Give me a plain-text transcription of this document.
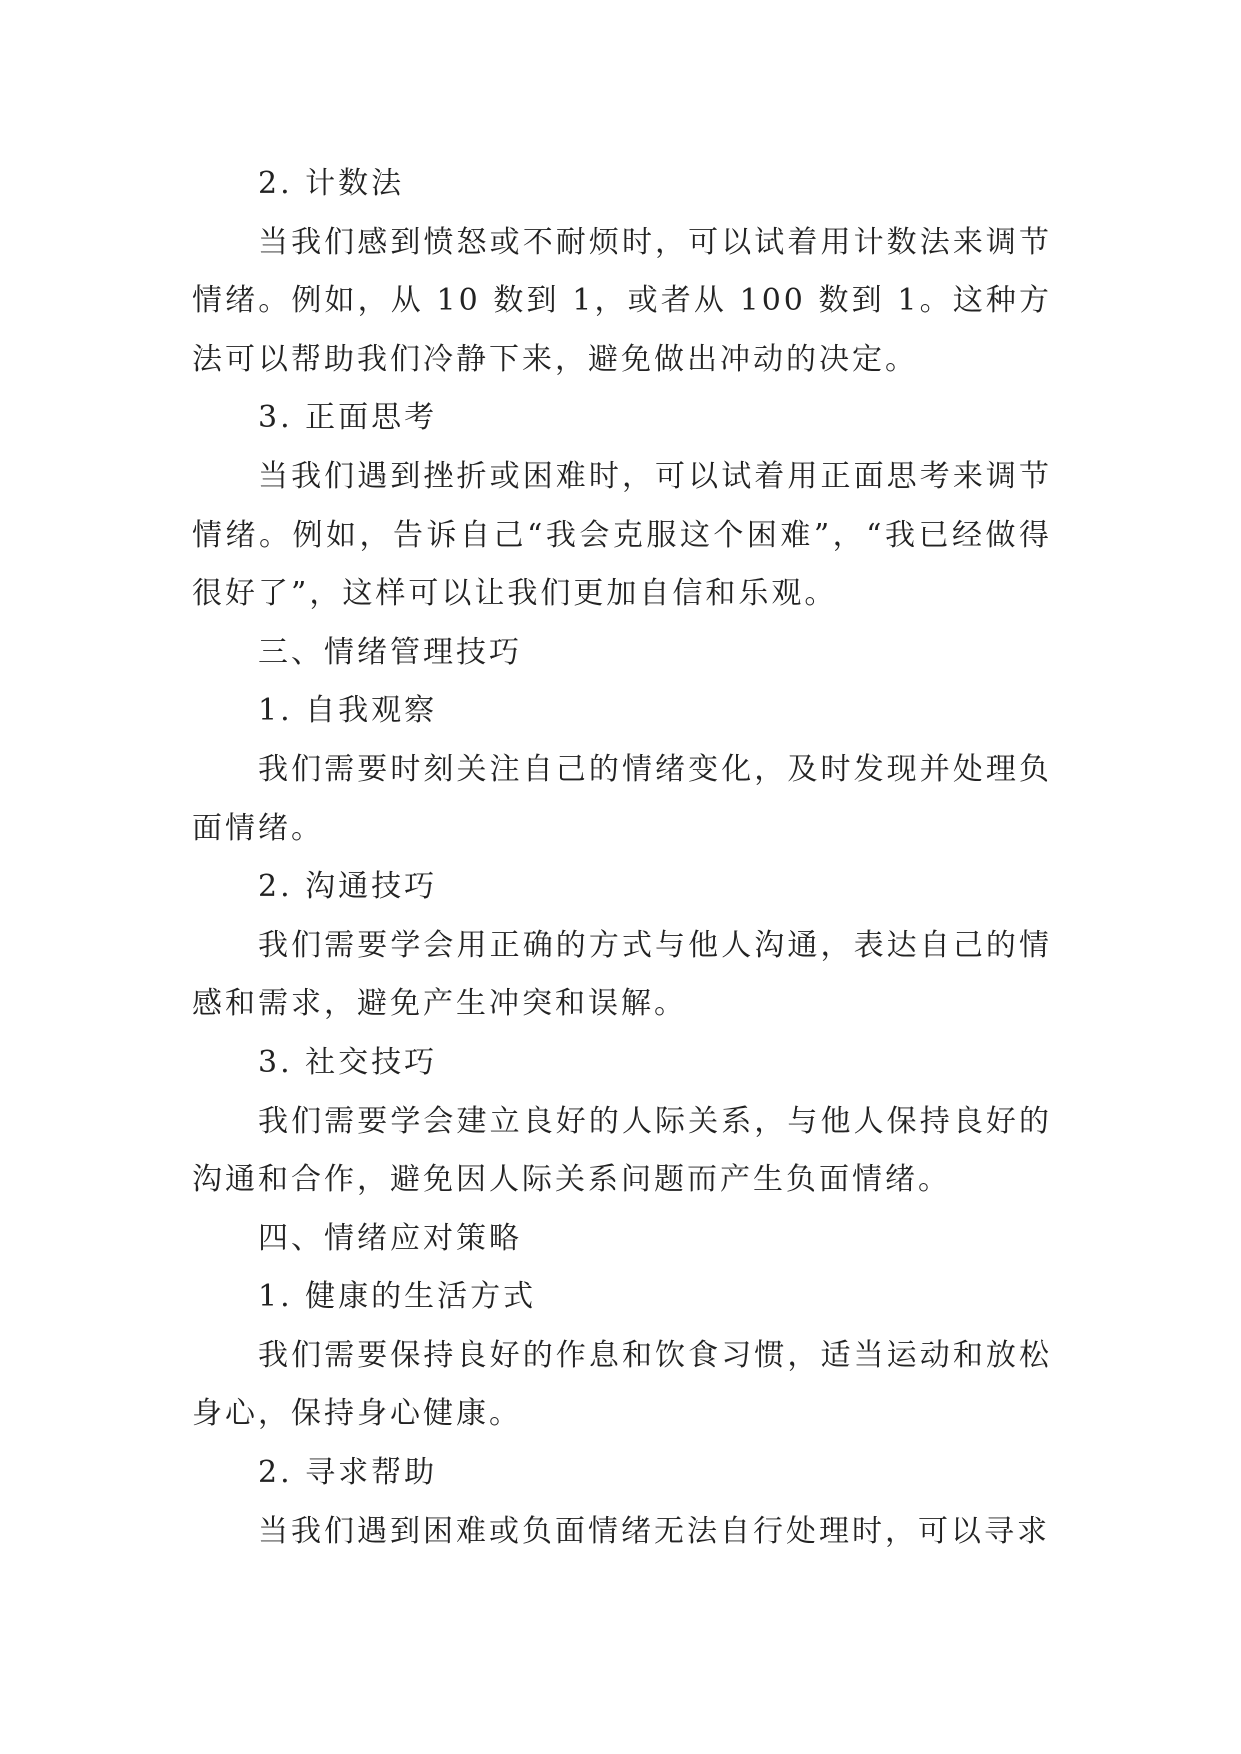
2. 计数法

当我们感到愤怒或不耐烦时，可以试着用计数法来调节情绪。例如，从 10 数到 1，或者从 100 数到 1。这种方法可以帮助我们冷静下来，避免做出冲动的决定。

3. 正面思考

当我们遇到挫折或困难时，可以试着用正面思考来调节情绪。例如，告诉自己“我会克服这个困难”，“我已经做得很好了”，这样可以让我们更加自信和乐观。

三、情绪管理技巧

1. 自我观察

我们需要时刻关注自己的情绪变化，及时发现并处理负面情绪。

2. 沟通技巧

我们需要学会用正确的方式与他人沟通，表达自己的情感和需求，避免产生冲突和误解。

3. 社交技巧

我们需要学会建立良好的人际关系，与他人保持良好的沟通和合作，避免因人际关系问题而产生负面情绪。

四、情绪应对策略

1. 健康的生活方式

我们需要保持良好的作息和饮食习惯，适当运动和放松身心，保持身心健康。

2. 寻求帮助

当我们遇到困难或负面情绪无法自行处理时，可以寻求
